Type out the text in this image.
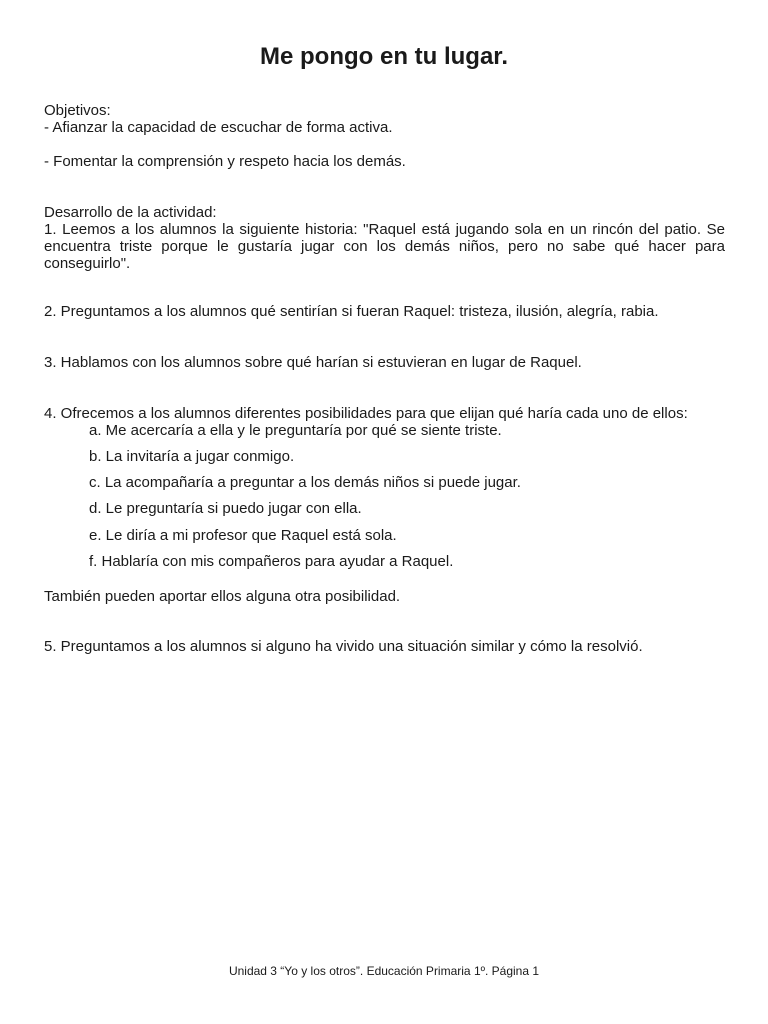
Me pongo en tu lugar.

Objetivos:

- Afianzar la capacidad de escuchar de forma activa.

- Fomentar la comprensión y respeto hacia los demás.

Desarrollo de la actividad:

1. Leemos a los alumnos la siguiente historia: "Raquel está jugando sola en un rincón del patio. Se encuentra triste porque le gustaría jugar con los demás niños, pero no sabe qué hacer para conseguirlo".

2. Preguntamos a los alumnos qué sentirían si fueran Raquel: tristeza, ilusión, alegría, rabia.

3. Hablamos con los alumnos sobre qué harían si estuvieran en lugar de Raquel.

4. Ofrecemos a los alumnos diferentes posibilidades para que elijan qué haría cada uno de ellos:

a. Me acercaría a ella y le preguntaría por qué se siente triste.
b. La invitaría a jugar conmigo.
c. La acompañaría a preguntar a los demás niños si puede jugar.
d. Le preguntaría si puedo jugar con ella.
e. Le diría a mi profesor que Raquel está sola.
f. Hablaría con mis compañeros para ayudar a Raquel.

También pueden aportar ellos alguna otra posibilidad.

5. Preguntamos a los alumnos si alguno ha vivido una situación similar y cómo la resolvió.

Unidad 3 “Yo y los otros”. Educación Primaria 1º. Página 1
